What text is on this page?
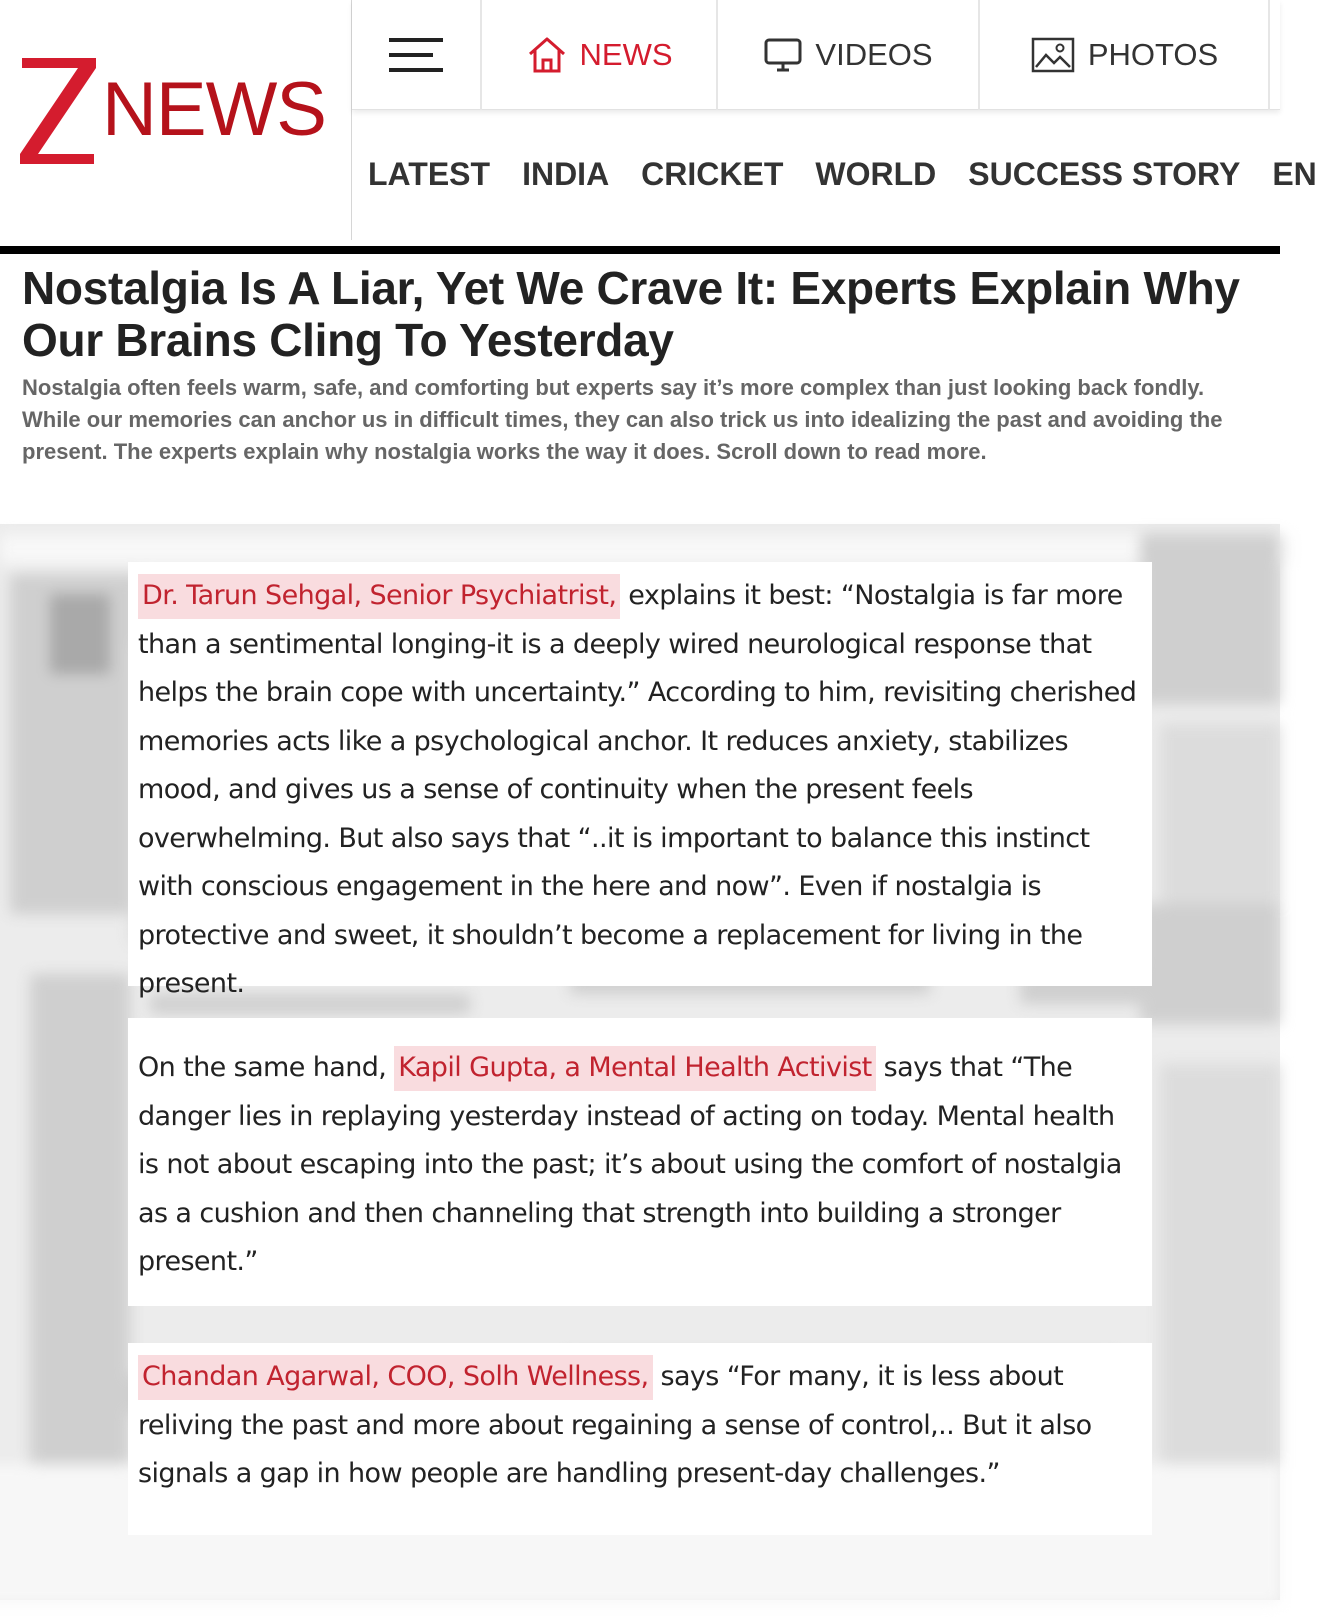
NEWS
NEWS	VIDEOS	PHOTOS
LATEST INDIA CRICKET WORLD SUCCESS STORY EN
Nostalgia Is A Liar, Yet We Crave It: Experts Explain Why Our Brains Cling To Yesterday

Nostalgia often feels warm, safe, and comforting but experts say it’s more complex than just looking back fondly. While our memories can anchor us in difficult times, they can also trick us into idealizing the past and avoiding the present. The experts explain why nostalgia works the way it does. Scroll down to read more.

Dr. Tarun Sehgal, Senior Psychiatrist, explains it best: “Nostalgia is far more than a sentimental longing-it is a deeply wired neurological response that helps the brain cope with uncertainty.” According to him, revisiting cherished memories acts like a psychological anchor. It reduces anxiety, stabilizes mood, and gives us a sense of continuity when the present feels overwhelming. But also says that “..it is important to balance this instinct with conscious engagement in the here and now”. Even if nostalgia is protective and sweet, it shouldn’t become a replacement for living in the present.

On the same hand, Kapil Gupta, a Mental Health Activist says that “The danger lies in replaying yesterday instead of acting on today. Mental health is not about escaping into the past; it’s about using the comfort of nostalgia as a cushion and then channeling that strength into building a stronger present.”

Chandan Agarwal, COO, Solh Wellness, says “For many, it is less about reliving the past and more about regaining a sense of control,.. But it also signals a gap in how people are handling present-day challenges.”
